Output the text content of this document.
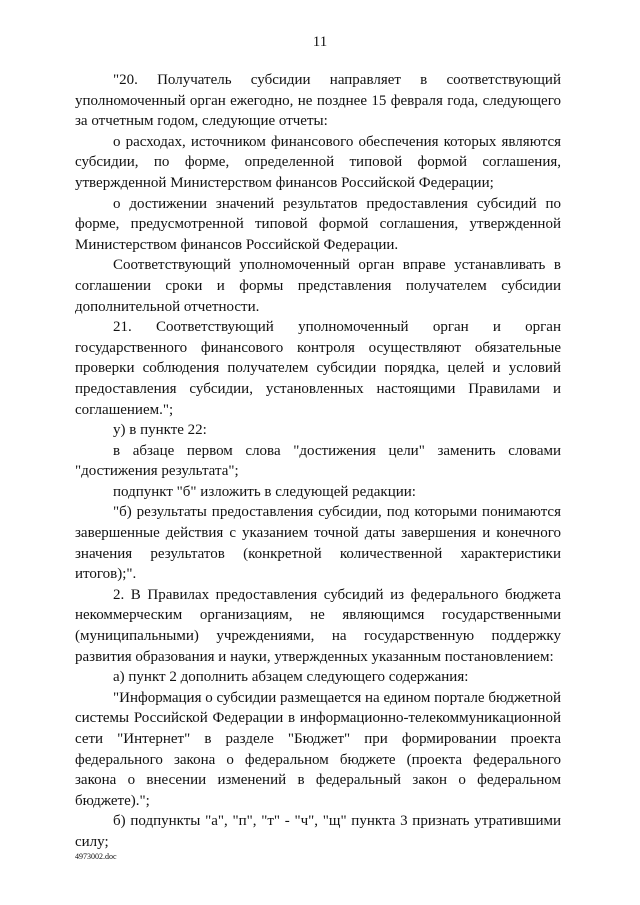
11

"20. Получатель субсидии направляет в соответствующий уполномоченный орган ежегодно, не позднее 15 февраля года, следующего за отчетным годом, следующие отчеты:

о расходах, источником финансового обеспечения которых являются субсидии, по форме, определенной типовой формой соглашения, утвержденной Министерством финансов Российской Федерации;

о достижении значений результатов предоставления субсидий по форме, предусмотренной типовой формой соглашения, утвержденной Министерством финансов Российской Федерации.

Соответствующий уполномоченный орган вправе устанавливать в соглашении сроки и формы представления получателем субсидии дополнительной отчетности.

21. Соответствующий уполномоченный орган и орган государственного финансового контроля осуществляют обязательные проверки соблюдения получателем субсидии порядка, целей и условий предоставления субсидии, установленных настоящими Правилами и соглашением.";

у) в пункте 22:

в абзаце первом слова "достижения цели" заменить словами "достижения результата";

подпункт "б" изложить в следующей редакции:

"б) результаты предоставления субсидии, под которыми понимаются завершенные действия с указанием точной даты завершения и конечного значения результатов (конкретной количественной характеристики итогов);".

2. В Правилах предоставления субсидий из федерального бюджета некоммерческим организациям, не являющимся государственными (муниципальными) учреждениями, на государственную поддержку развития образования и науки, утвержденных указанным постановлением:

а) пункт 2 дополнить абзацем следующего содержания:

"Информация о субсидии размещается на едином портале бюджетной системы Российской Федерации в информационно-телекоммуникационной сети "Интернет" в разделе "Бюджет" при формировании проекта федерального закона о федеральном бюджете (проекта федерального закона о внесении изменений в федеральный закон о федеральном бюджете).";

б) подпункты "а", "п", "т" - "ч", "щ" пункта 3 признать утратившими силу;

4973002.doc
